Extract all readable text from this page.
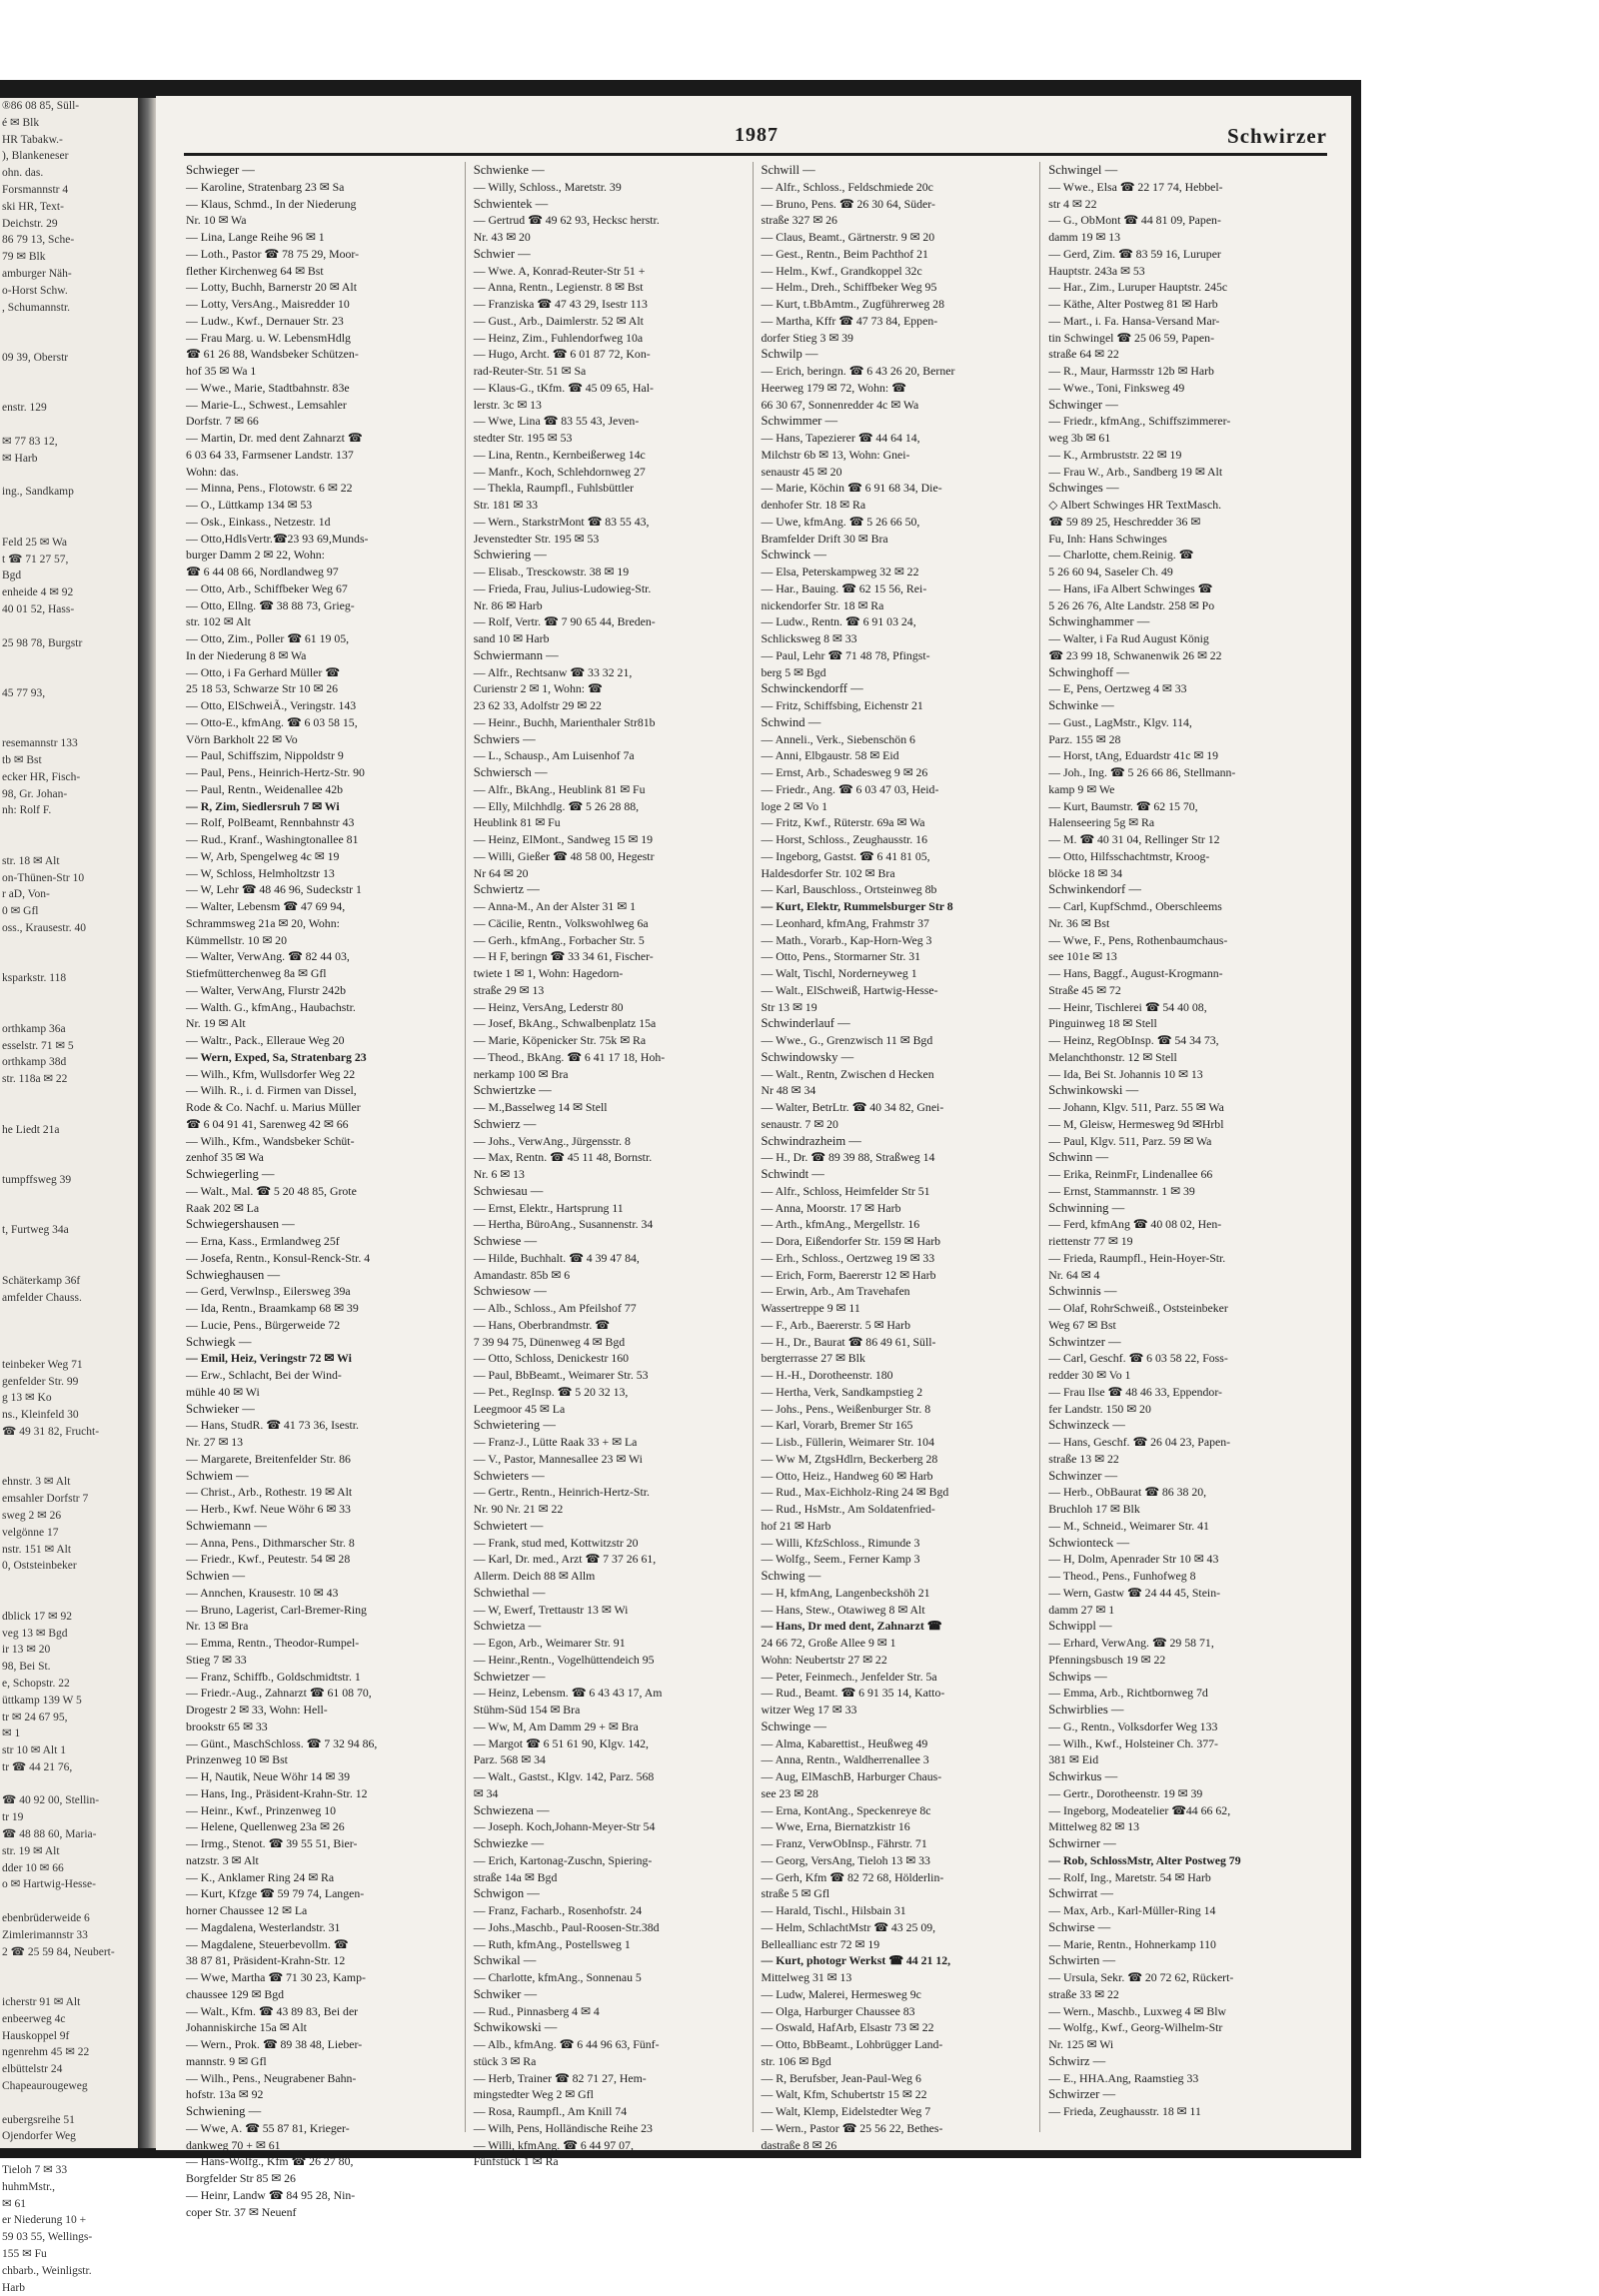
®86 08 85, Süll-
é ✉ Blk
HR Tabakw.-
), Blankeneser
ohn. das.
Forsmannstr 4
ski HR, Text-
Deichstr. 29
86 79 13, Sche-
79 ✉ Blk
amburger Näh-
o-Horst Schw.
, Schumannstr.

09 39, Oberstr

enstr. 129

✉ 77 83 12,
✉ Harb

ing., Sandkamp

Feld 25 ✉ Wa
t ☎ 71 27 57,
Bgd
enheide 4 ✉ 92
40 01 52, Hass-

25 98 78, Burgstr

45 77 93,

resemannstr 133
tb ✉ Bst
ecker HR, Fisch-
98, Gr. Johan-
nh: Rolf F.

str. 18 ✉ Alt
on-Thünen-Str 10
r aD, Von-
0 ✉ Gfl
oss., Krausestr. 40

ksparkstr. 118

orthkamp 36a
esselstr. 71 ✉ 5
orthkamp 38d
str. 118a ✉ 22

he Liedt 21a

tumpffsweg 39

t, Furtweg 34a

Schäterkamp 36f
amfelder Chauss.

teinbeker Weg 71
genfelder Str. 99
g 13 ✉ Ko
ns., Kleinfeld 30
☎ 49 31 82, Frucht-

ehnstr. 3 ✉ Alt
emsahler Dorfstr 7
sweg 2 ✉ 26
velgönne 17
nstr. 151 ✉ Alt
0, Oststeinbeker

dblick 17 ✉ 92
veg 13 ✉ Bgd
ir 13 ✉ 20
98, Bei St.
e, Schopstr. 22
üttkamp 139 W 5
tr ✉ 24 67 95,
✉ 1
str 10 ✉ Alt 1
tr ☎ 44 21 76,

☎ 40 92 00, Stellin-
tr 19
☎ 48 88 60, Maria-
str. 19 ✉ Alt
dder 10 ✉ 66
o ✉ Hartwig-Hesse-

ebenbrüderweide 6
Zimlerimannstr 33
2 ☎ 25 59 84, Neubert-

icherstr 91 ✉ Alt
enbeerweg 4c
Hauskoppel 9f
ngenrehm 45 ✉ 22
elbüttelstr 24
Chapeaurougeweg

eubergsreihe 51
Ojendorfer Weg

Tieloh 7 ✉ 33
huhmMstr.,
✉ 61
er Niederung 10 +
59 03 55, Wellings-
155 ✉ Fu
chbarb., Weinligstr.
Harb
1987	Schwirzer
Schwieger —
— Karoline, Stratenbarg 23 ✉ Sa
— Klaus, Schmd., In der Niederung
Nr. 10 ✉ Wa
— Lina, Lange Reihe 96 ✉ 1
— Loth., Pastor ☎ 78 75 29, Moor-
flether Kirchenweg 64 ✉ Bst
— Lotty, Buchh, Barnerstr 20 ✉ Alt
— Lotty, VersAng., Maisredder 10
— Ludw., Kwf., Dernauer Str. 23
— Frau Marg. u. W. LebensmHdlg
☎ 61 26 88, Wandsbeker Schützen-
hof 35 ✉ Wa 1
— Wwe., Marie, Stadtbahnstr. 83e
— Marie-L., Schwest., Lemsahler
Dorfstr. 7 ✉ 66
— Martin, Dr. med dent Zahnarzt ☎
6 03 64 33, Farmsener Landstr. 137
Wohn: das.
— Minna, Pens., Flotowstr. 6 ✉ 22
— O., Lüttkamp 134 ✉ 53
— Osk., Einkass., Netzestr. 1d
— Otto,HdlsVertr.☎23 93 69,Munds-
burger Damm 2 ✉ 22, Wohn:
☎ 6 44 08 66, Nordlandweg 97
— Otto, Arb., Schiffbeker Weg 67
— Otto, Ellng. ☎ 38 88 73, Grieg-
str. 102 ✉ Alt
— Otto, Zim., Poller ☎ 61 19 05,
In der Niederung 8 ✉ Wa
— Otto, i Fa Gerhard Müller ☎
25 18 53, Schwarze Str 10 ✉ 26
— Otto, ElSchweiÃ., Veringstr. 143
— Otto-E., kfmAng. ☎ 6 03 58 15,
Vörn Barkholt 22 ✉ Vo
— Paul, Schiffszim, Nippoldstr 9
— Paul, Pens., Heinrich-Hertz-Str. 90
— Paul, Rentn., Weidenallee 42b
— R, Zim, Siedlersruh 7 ✉ Wi
— Rolf, PolBeamt, Rennbahnstr 43
— Rud., Kranf., Washingtonallee 81
— W, Arb, Spengelweg 4c ✉ 19
— W, Schloss, Helmholtzstr 13
— W, Lehr ☎ 48 46 96, Sudeckstr 1
— Walter, Lebensm ☎ 47 69 94,
Schrammsweg 21a ✉ 20, Wohn:
Kümmellstr. 10 ✉ 20
— Walter, VerwAng. ☎ 82 44 03,
Stiefmütterchenweg 8a ✉ Gfl
— Walter, VerwAng, Flurstr 242b
— Walth. G., kfmAng., Haubachstr.
Nr. 19 ✉ Alt
— Waltr., Pack., Elleraue Weg 20
— Wern, Exped, Sa, Stratenbarg 23
— Wilh., Kfm, Wullsdorfer Weg 22
— Wilh. R., i. d. Firmen van Dissel,
Rode & Co. Nachf. u. Marius Müller
☎ 6 04 91 41, Sarenweg 42 ✉ 66
— Wilh., Kfm., Wandsbeker Schüt-
zenhof 35 ✉ Wa
Schwiegerling —
— Walt., Mal. ☎ 5 20 48 85, Grote
Raak 202 ✉ La
Schwiegershausen —
— Erna, Kass., Ermlandweg 25f
— Josefa, Rentn., Konsul-Renck-Str. 4
Schwieghausen —
— Gerd, Verwlnsp., Eilersweg 39a
— Ida, Rentn., Braamkamp 68 ✉ 39
— Lucie, Pens., Bürgerweide 72
Schwiegk —
— Emil, Heiz, Veringstr 72 ✉ Wi
— Erw., Schlacht, Bei der Wind-
mühle 40 ✉ Wi
Schwieker —
— Hans, StudR. ☎ 41 73 36, Isestr.
Nr. 27 ✉ 13
— Margarete, Breitenfelder Str. 86
Schwiem —
— Christ., Arb., Rothestr. 19 ✉ Alt
— Herb., Kwf. Neue Wöhr 6 ✉ 33
Schwiemann —
— Anna, Pens., Dithmarscher Str. 8
— Friedr., Kwf., Peutestr. 54 ✉ 28
Schwien —
— Annchen, Krausestr. 10 ✉ 43
— Bruno, Lagerist, Carl-Bremer-Ring
Nr. 13 ✉ Bra
— Emma, Rentn., Theodor-Rumpel-
Stieg 7 ✉ 33
— Franz, Schiffb., Goldschmidtstr. 1
— Friedr.-Aug., Zahnarzt ☎ 61 08 70,
Drogestr 2 ✉ 33, Wohn: Hell-
brookstr 65 ✉ 33
— Günt., MaschSchloss. ☎ 7 32 94 86,
Prinzenweg 10 ✉ Bst
— H, Nautik, Neue Wöhr 14 ✉ 39
— Hans, Ing., Präsident-Krahn-Str. 12
— Heinr., Kwf., Prinzenweg 10
— Helene, Quellenweg 23a ✉ 26
— Irmg., Stenot. ☎ 39 55 51, Bier-
natzstr. 3 ✉ Alt
— K., Anklamer Ring 24 ✉ Ra
— Kurt, Kfzge ☎ 59 79 74, Langen-
horner Chaussee 12 ✉ La
— Magdalena, Westerlandstr. 31
— Magdalene, Steuerbevollm. ☎
38 87 81, Präsident-Krahn-Str. 12
— Wwe, Martha ☎ 71 30 23, Kamp-
chaussee 129 ✉ Bgd
— Walt., Kfm. ☎ 43 89 83, Bei der
Johanniskirche 15a ✉ Alt
— Wern., Prok. ☎ 89 38 48, Lieber-
mannstr. 9 ✉ Gfl
— Wilh., Pens., Neugrabener Bahn-
hofstr. 13a ✉ 92
Schwiening —
— Wwe, A. ☎ 55 87 81, Krieger-
dankweg 70 + ✉ 61
— Hans-Wolfg., Kfm ☎ 26 27 80,
Borgfelder Str 85 ✉ 26
— Heinr, Landw ☎ 84 95 28, Nin-
coper Str. 37 ✉ Neuenf
Schwienke —
— Willy, Schloss., Maretstr. 39
Schwientek —
— Gertrud ☎ 49 62 93, Hecksc herstr.
Nr. 43 ✉ 20
Schwier —
— Wwe. A, Konrad-Reuter-Str 51 +
— Anna, Rentn., Legienstr. 8 ✉ Bst
— Franziska ☎ 47 43 29, Isestr 113
— Gust., Arb., Daimlerstr. 52 ✉ Alt
— Heinz, Zim., Fuhlendorfweg 10a
— Hugo, Archt. ☎ 6 01 87 72, Kon-
rad-Reuter-Str. 51 ✉ Sa
— Klaus-G., tKfm. ☎ 45 09 65, Hal-
lerstr. 3c ✉ 13
— Wwe, Lina ☎ 83 55 43, Jeven-
stedter Str. 195 ✉ 53
— Lina, Rentn., Kernbeißerweg 14c
— Manfr., Koch, Schlehdornweg 27
— Thekla, Raumpfl., Fuhlsbüttler
Str. 181 ✉ 33
— Wern., StarkstrMont ☎ 83 55 43,
Jevenstedter Str. 195 ✉ 53
Schwiering —
— Elisab., Tresckowstr. 38 ✉ 19
— Frieda, Frau, Julius-Ludowieg-Str.
Nr. 86 ✉ Harb
— Rolf, Vertr. ☎ 7 90 65 44, Breden-
sand 10 ✉ Harb
Schwiermann —
— Alfr., Rechtsanw ☎ 33 32 21,
Curienstr 2 ✉ 1, Wohn: ☎
23 62 33, Adolfstr 29 ✉ 22
— Heinr., Buchh, Marienthaler Str81b
Schwiers —
— L., Schausp., Am Luisenhof 7a
Schwiersch —
— Alfr., BkAng., Heublink 81 ✉ Fu
— Elly, Milchhdlg. ☎ 5 26 28 88,
Heublink 81 ✉ Fu
— Heinz, ElMont., Sandweg 15 ✉ 19
— Willi, Gießer ☎ 48 58 00, Hegestr
Nr 64 ✉ 20
Schwiertz —
— Anna-M., An der Alster 31 ✉ 1
— Cäcilie, Rentn., Volkswohlweg 6a
— Gerh., kfmAng., Forbacher Str. 5
— H F, beringn ☎ 33 34 61, Fischer-
twiete 1 ✉ 1, Wohn: Hagedorn-
straße 29 ✉ 13
— Heinz, VersAng, Lederstr 80
— Josef, BkAng., Schwalbenplatz 15a
— Marie, Köpenicker Str. 75k ✉ Ra
— Theod., BkAng. ☎ 6 41 17 18, Hoh-
nerkamp 100 ✉ Bra
Schwiertzke —
— M.,Basselweg 14 ✉ Stell
Schwierz —
— Johs., VerwAng., Jürgensstr. 8
— Max, Rentn. ☎ 45 11 48, Bornstr.
Nr. 6 ✉ 13
Schwiesau —
— Ernst, Elektr., Hartsprung 11
— Hertha, BüroAng., Susannenstr. 34
Schwiese —
— Hilde, Buchhalt. ☎ 4 39 47 84,
Amandastr. 85b ✉ 6
Schwiesow —
— Alb., Schloss., Am Pfeilshof 77
— Hans, Oberbrandmstr. ☎
7 39 94 75, Dünenweg 4 ✉ Bgd
— Otto, Schloss, Denickestr 160
— Paul, BbBeamt., Weimarer Str. 53
— Pet., RegInsp. ☎ 5 20 32 13,
Leegmoor 45 ✉ La
Schwietering —
— Franz-J., Lütte Raak 33 + ✉ La
— V., Pastor, Mannesallee 23 ✉ Wi
Schwieters —
— Gertr., Rentn., Heinrich-Hertz-Str.
Nr. 90 Nr. 21 ✉ 22
Schwietert —
— Frank, stud med, Kottwitzstr 20
— Karl, Dr. med., Arzt ☎ 7 37 26 61,
Allerm. Deich 88 ✉ Allm
Schwiethal —
— W, Ewerf, Trettaustr 13 ✉ Wi
Schwietza —
— Egon, Arb., Weimarer Str. 91
— Heinr.,Rentn., Vogelhüttendeich 95
Schwietzer —
— Heinz, Lebensm. ☎ 6 43 43 17, Am
Stühm-Süd 154 ✉ Bra
— Ww, M, Am Damm 29 + ✉ Bra
— Margot ☎ 6 51 61 90, Klgv. 142,
Parz. 568 ✉ 34
— Walt., Gastst., Klgv. 142, Parz. 568
✉ 34
Schwiezena —
— Joseph. Koch,Johann-Meyer-Str 54
Schwiezke —
— Erich, Kartonag-Zuschn, Spiering-
straße 14a ✉ Bgd
Schwigon —
— Franz, Facharb., Rosenhofstr. 24
— Johs.,Maschb., Paul-Roosen-Str.38d
— Ruth, kfmAng., Postellsweg 1
Schwikal —
— Charlotte, kfmAng., Sonnenau 5
Schwiker —
— Rud., Pinnasberg 4 ✉ 4
Schwikowski —
— Alb., kfmAng. ☎ 6 44 96 63, Fünf-
stück 3 ✉ Ra
— Herb, Trainer ☎ 82 71 27, Hem-
mingstedter Weg 2 ✉ Gfl
— Rosa, Raumpfl., Am Knill 74
— Wilh, Pens, Holländische Reihe 23
— Willi, kfmAng. ☎ 6 44 97 07,
Fünfstück 1 ✉ Ra
Schwill —
— Alfr., Schloss., Feldschmiede 20c
— Bruno, Pens. ☎ 26 30 64, Süder-
straße 327 ✉ 26
— Claus, Beamt., Gärtnerstr. 9 ✉ 20
— Gest., Rentn., Beim Pachthof 21
— Helm., Kwf., Grandkoppel 32c
— Helm., Dreh., Schiffbeker Weg 95
— Kurt, t.BbAmtm., Zugführerweg 28
— Martha, Kffr ☎ 47 73 84, Eppen-
dorfer Stieg 3 ✉ 39
Schwilp —
— Erich, beringn. ☎ 6 43 26 20, Berner
Heerweg 179 ✉ 72, Wohn: ☎
66 30 67, Sonnenredder 4c ✉ Wa
Schwimmer —
— Hans, Tapezierer ☎ 44 64 14,
Milchstr 6b ✉ 13, Wohn: Gnei-
senaustr 45 ✉ 20
— Marie, Köchin ☎ 6 91 68 34, Die-
denhofer Str. 18 ✉ Ra
— Uwe, kfmAng. ☎ 5 26 66 50,
Bramfelder Drift 30 ✉ Bra
Schwinck —
— Elsa, Peterskampweg 32 ✉ 22
— Har., Bauing. ☎ 62 15 56, Rei-
nickendorfer Str. 18 ✉ Ra
— Ludw., Rentn. ☎ 6 91 03 24,
Schlicksweg 8 ✉ 33
— Paul, Lehr ☎ 71 48 78, Pfingst-
berg 5 ✉ Bgd
Schwinckendorff —
— Fritz, Schiffsbing, Eichenstr 21
Schwind —
— Anneli., Verk., Siebenschön 6
— Anni, Elbgaustr. 58 ✉ Eid
— Ernst, Arb., Schadesweg 9 ✉ 26
— Friedr., Ang. ☎ 6 03 47 03, Heid-
loge 2 ✉ Vo 1
— Fritz, Kwf., Rüterstr. 69a ✉ Wa
— Horst, Schloss., Zeughausstr. 16
— Ingeborg, Gastst. ☎ 6 41 81 05,
Haldesdorfer Str. 102 ✉ Bra
— Karl, Bauschloss., Ortsteinweg 8b
— Kurt, Elektr, Rummelsburger Str 8
— Leonhard, kfmAng, Frahmstr 37
— Math., Vorarb., Kap-Horn-Weg 3
— Otto, Pens., Stormarner Str. 31
— Walt, Tischl, Norderneyweg 1
— Walt., ElSchweiß, Hartwig-Hesse-
Str 13 ✉ 19
Schwinderlauf —
— Wwe., G., Grenzwisch 11 ✉ Bgd
Schwindowsky —
— Walt., Rentn, Zwischen d Hecken
Nr 48 ✉ 34
— Walter, BetrLtr. ☎ 40 34 82, Gnei-
senaustr. 7 ✉ 20
Schwindrazheim —
— H., Dr. ☎ 89 39 88, Straßweg 14
Schwindt —
— Alfr., Schloss, Heimfelder Str 51
— Anna, Moorstr. 17 ✉ Harb
— Arth., kfmAng., Mergellstr. 16
— Dora, Eißendorfer Str. 159 ✉ Harb
— Erh., Schloss., Oertzweg 19 ✉ 33
— Erich, Form, Baererstr 12 ✉ Harb
— Erwin, Arb., Am Travehafen
Wassertreppe 9 ✉ 11
— F., Arb., Baererstr. 5 ✉ Harb
— H., Dr., Baurat ☎ 86 49 61, Süll-
bergterrasse 27 ✉ Blk
— H.-H., Dorotheenstr. 180
— Hertha, Verk, Sandkampstieg 2
— Johs., Pens., Weißenburger Str. 8
— Karl, Vorarb, Bremer Str 165
— Lisb., Füllerin, Weimarer Str. 104
— Ww M, ZtgsHdlrn, Beckerberg 28
— Otto, Heiz., Handweg 60 ✉ Harb
— Rud., Max-Eichholz-Ring 24 ✉ Bgd
— Rud., HsMstr., Am Soldatenfried-
hof 21 ✉ Harb
— Willi, KfzSchloss., Rimunde 3
— Wolfg., Seem., Ferner Kamp 3
Schwing —
— H, kfmAng, Langenbeckshöh 21
— Hans, Stew., Otawiweg 8 ✉ Alt
— Hans, Dr med dent, Zahnarzt ☎
24 66 72, Große Allee 9 ✉ 1
Wohn: Neubertstr 27 ✉ 22
— Peter, Feinmech., Jenfelder Str. 5a
— Rud., Beamt. ☎ 6 91 35 14, Katto-
witzer Weg 17 ✉ 33
Schwinge —
— Alma, Kabarettist., Heußweg 49
— Anna, Rentn., Waldherrenallee 3
— Aug, ElMaschB, Harburger Chaus-
see 23 ✉ 28
— Erna, KontAng., Speckenreye 8c
— Wwe, Erna, Biernatzkistr 16
— Franz, VerwObInsp., Fährstr. 71
— Georg, VersAng, Tieloh 13 ✉ 33
— Gerh, Kfm ☎ 82 72 68, Hölderlin-
straße 5 ✉ Gfl
— Harald, Tischl., Hilsbain 31
— Helm, SchlachtMstr ☎ 43 25 09,
Belleallianc estr 72 ✉ 19
— Kurt, photogr Werkst ☎ 44 21 12,
Mittelweg 31 ✉ 13
— Ludw, Malerei, Hermesweg 9c
— Olga, Harburger Chaussee 83
— Oswald, HafArb, Elsastr 73 ✉ 22
— Otto, BbBeamt., Lohbrügger Land-
str. 106 ✉ Bgd
— R, Berufsber, Jean-Paul-Weg 6
— Walt, Kfm, Schubertstr 15 ✉ 22
— Walt, Klemp, Eidelstedter Weg 7
— Wern., Pastor ☎ 25 56 22, Bethes-
dastraße 8 ✉ 26
Schwingel —
— Wwe., Elsa ☎ 22 17 74, Hebbel-
str 4 ✉ 22
— G., ObMont ☎ 44 81 09, Papen-
damm 19 ✉ 13
— Gerd, Zim. ☎ 83 59 16, Luruper
Hauptstr. 243a ✉ 53
— Har., Zim., Luruper Hauptstr. 245c
— Käthe, Alter Postweg 81 ✉ Harb
— Mart., i. Fa. Hansa-Versand Mar-
tin Schwingel ☎ 25 06 59, Papen-
straße 64 ✉ 22
— R., Maur, Harmsstr 12b ✉ Harb
— Wwe., Toni, Finksweg 49
Schwinger —
— Friedr., kfmAng., Schiffszimmerer-
weg 3b ✉ 61
— K., Armbruststr. 22 ✉ 19
— Frau W., Arb., Sandberg 19 ✉ Alt
Schwinges —
◇ Albert Schwinges HR TextMasch.
☎ 59 89 25, Heschredder 36 ✉
Fu, Inh: Hans Schwinges
— Charlotte, chem.Reinig. ☎
5 26 60 94, Saseler Ch. 49
— Hans, iFa Albert Schwinges ☎
5 26 26 76, Alte Landstr. 258 ✉ Po
Schwinghammer —
— Walter, i Fa Rud August König
☎ 23 99 18, Schwanenwik 26 ✉ 22
Schwinghoff —
— E, Pens, Oertzweg 4 ✉ 33
Schwinke —
— Gust., LagMstr., Klgv. 114,
Parz. 155 ✉ 28
— Horst, tAng, Eduardstr 41c ✉ 19
— Joh., Ing. ☎ 5 26 66 86, Stellmann-
kamp 9 ✉ We
— Kurt, Baumstr. ☎ 62 15 70,
Halenseering 5g ✉ Ra
— M. ☎ 40 31 04, Rellinger Str 12
— Otto, Hilfsschachtmstr, Kroog-
blöcke 18 ✉ 34
Schwinkendorf —
— Carl, KupfSchmd., Oberschleems
Nr. 36 ✉ Bst
— Wwe, F., Pens, Rothenbaumchaus-
see 101e ✉ 13
— Hans, Baggf., August-Krogmann-
Straße 45 ✉ 72
— Heinr, Tischlerei ☎ 54 40 08,
Pinguinweg 18 ✉ Stell
— Heinz, RegObInsp. ☎ 54 34 73,
Melanchthonstr. 12 ✉ Stell
— Ida, Bei St. Johannis 10 ✉ 13
Schwinkowski —
— Johann, Klgv. 511, Parz. 55 ✉ Wa
— M, Gleisw, Hermesweg 9d ✉Hrbl
— Paul, Klgv. 511, Parz. 59 ✉ Wa
Schwinn —
— Erika, ReinmFr, Lindenallee 66
— Ernst, Stammannstr. 1 ✉ 39
Schwinning —
— Ferd, kfmAng ☎ 40 08 02, Hen-
riettenstr 77 ✉ 19
— Frieda, Raumpfl., Hein-Hoyer-Str.
Nr. 64 ✉ 4
Schwinnis —
— Olaf, RohrSchweiß., Oststeinbeker
Weg 67 ✉ Bst
Schwintzer —
— Carl, Geschf. ☎ 6 03 58 22, Foss-
redder 30 ✉ Vo 1
— Frau Ilse ☎ 48 46 33, Eppendor-
fer Landstr. 150 ✉ 20
Schwinzeck —
— Hans, Geschf. ☎ 26 04 23, Papen-
straße 13 ✉ 22
Schwinzer —
— Herb., ObBaurat ☎ 86 38 20,
Bruchloh 17 ✉ Blk
— M., Schneid., Weimarer Str. 41
Schwionteck —
— H, Dolm, Apenrader Str 10 ✉ 43
— Theod., Pens., Funhofweg 8
— Wern, Gastw ☎ 24 44 45, Stein-
damm 27 ✉ 1
Schwippl —
— Erhard, VerwAng. ☎ 29 58 71,
Pfenningsbusch 19 ✉ 22
Schwips —
— Emma, Arb., Richtbornweg 7d
Schwirblies —
— G., Rentn., Volksdorfer Weg 133
— Wilh., Kwf., Holsteiner Ch. 377-
381 ✉ Eid
Schwirkus —
— Gertr., Dorotheenstr. 19 ✉ 39
— Ingeborg, Modeatelier ☎44 66 62,
Mittelweg 82 ✉ 13
Schwirner —
— Rob, SchlossMstr, Alter Postweg 79
— Rolf, Ing., Maretstr. 54 ✉ Harb
Schwirrat —
— Max, Arb., Karl-Müller-Ring 14
Schwirse —
— Marie, Rentn., Hohnerkamp 110
Schwirten —
— Ursula, Sekr. ☎ 20 72 62, Rückert-
straße 33 ✉ 22
— Wern., Maschb., Luxweg 4 ✉ Blw
— Wolfg., Kwf., Georg-Wilhelm-Str
Nr. 125 ✉ Wi
Schwirz —
— E., HHA.Ang, Raamstieg 33
Schwirzer —
— Frieda, Zeughausstr. 18 ✉ 11
